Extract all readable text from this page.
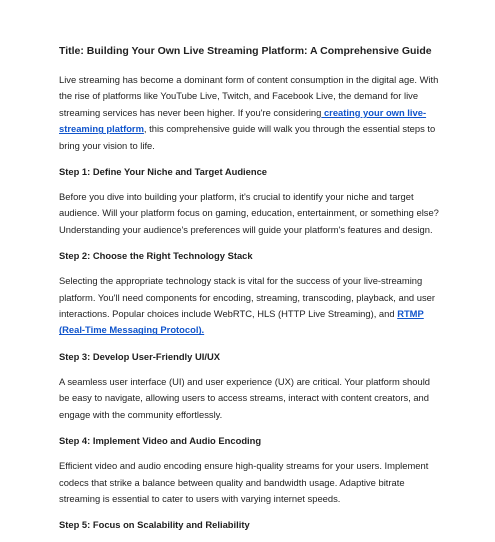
Title: Building Your Own Live Streaming Platform: A Comprehensive Guide

Live streaming has become a dominant form of content consumption in the digital age. With the rise of platforms like YouTube Live, Twitch, and Facebook Live, the demand for live streaming services has never been higher. If you're considering creating your own live-streaming platform, this comprehensive guide will walk you through the essential steps to bring your vision to life.

Step 1: Define Your Niche and Target Audience

Before you dive into building your platform, it's crucial to identify your niche and target audience. Will your platform focus on gaming, education, entertainment, or something else? Understanding your audience's preferences will guide your platform's features and design.

Step 2: Choose the Right Technology Stack

Selecting the appropriate technology stack is vital for the success of your live-streaming platform. You'll need components for encoding, streaming, transcoding, playback, and user interactions. Popular choices include WebRTC, HLS (HTTP Live Streaming), and RTMP (Real-Time Messaging Protocol).

Step 3: Develop User-Friendly UI/UX

A seamless user interface (UI) and user experience (UX) are critical. Your platform should be easy to navigate, allowing users to access streams, interact with content creators, and engage with the community effortlessly.

Step 4: Implement Video and Audio Encoding

Efficient video and audio encoding ensure high-quality streams for your users. Implement codecs that strike a balance between quality and bandwidth usage. Adaptive bitrate streaming is essential to cater to users with varying internet speeds.

Step 5: Focus on Scalability and Reliability
